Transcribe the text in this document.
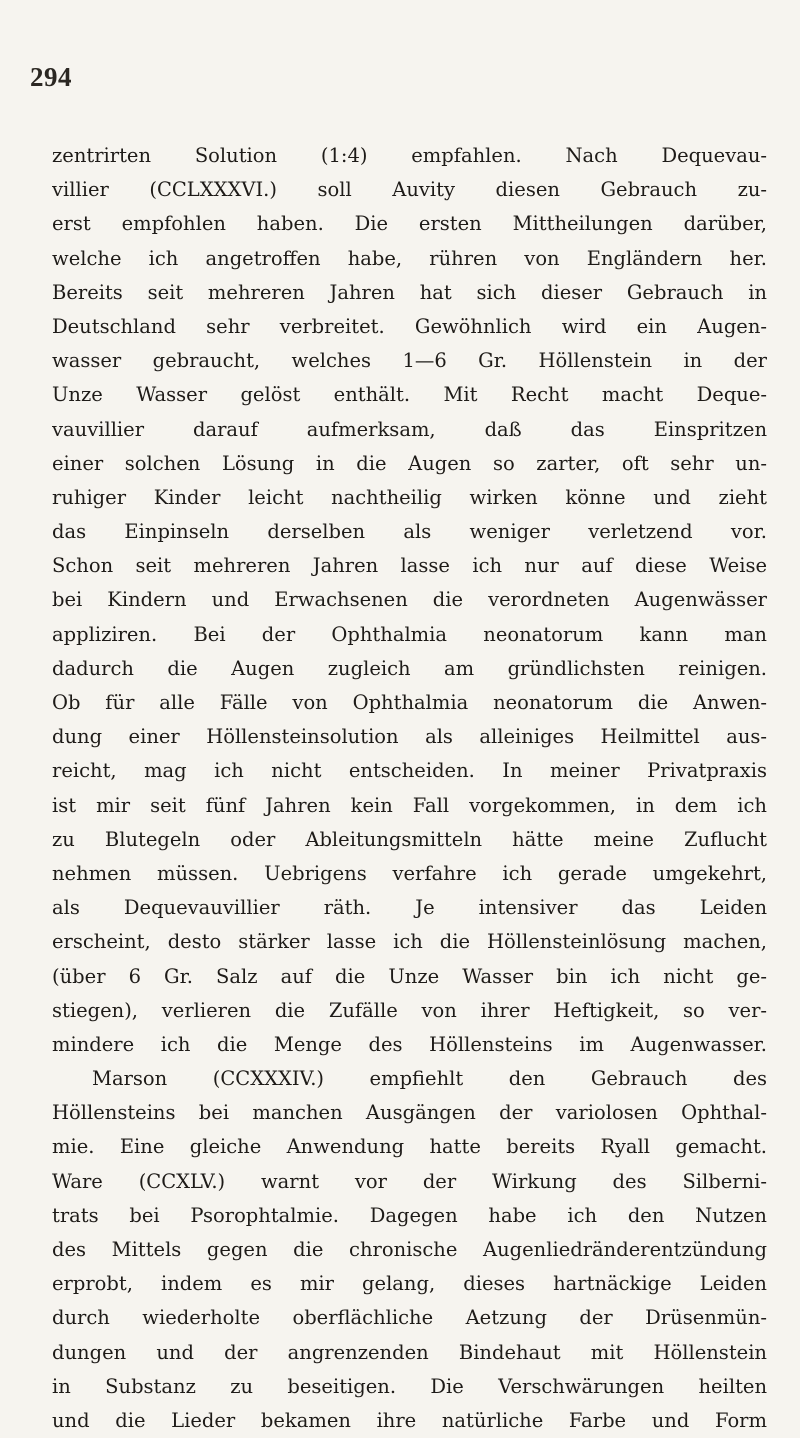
294
zentrirten Solution (1:4) empfahlen. Nach Dequevau-
villier (CCLXXXVI.) soll Auvity diesen Gebrauch zu-
erst empfohlen haben. Die ersten Mittheilungen darüber,
welche ich angetroffen habe, rühren von Engländern her.
Bereits seit mehreren Jahren hat sich dieser Gebrauch in
Deutschland sehr verbreitet. Gewöhnlich wird ein Augen-
wasser gebraucht, welches 1—6 Gr. Höllenstein in der
Unze Wasser gelöst enthält. Mit Recht macht Deque-
vauvillier darauf aufmerksam, daß das Einspritzen
einer solchen Lösung in die Augen so zarter, oft sehr un-
ruhiger Kinder leicht nachtheilig wirken könne und zieht
das Einpinseln derselben als weniger verletzend vor.
Schon seit mehreren Jahren lasse ich nur auf diese Weise
bei Kindern und Erwachsenen die verordneten Augenwässer
appliziren. Bei der Ophthalmia neonatorum kann man
dadurch die Augen zugleich am gründlichsten reinigen.
Ob für alle Fälle von Ophthalmia neonatorum die Anwen-
dung einer Höllensteinsolution als alleiniges Heilmittel aus-
reicht, mag ich nicht entscheiden. In meiner Privatpraxis
ist mir seit fünf Jahren kein Fall vorgekommen, in dem ich
zu Blutegeln oder Ableitungsmitteln hätte meine Zuflucht
nehmen müssen. Uebrigens verfahre ich gerade umgekehrt,
als Dequevauvillier räth. Je intensiver das Leiden
erscheint, desto stärker lasse ich die Höllensteinlösung machen,
(über 6 Gr. Salz auf die Unze Wasser bin ich nicht ge-
stiegen), verlieren die Zufälle von ihrer Heftigkeit, so ver-
mindere ich die Menge des Höllensteins im Augenwasser.
Marson (CCXXXIV.) empfiehlt den Gebrauch des
Höllensteins bei manchen Ausgängen der variolosen Ophthal-
mie. Eine gleiche Anwendung hatte bereits Ryall gemacht.
Ware (CCXLV.) warnt vor der Wirkung des Silberni-
trats bei Psorophtalmie. Dagegen habe ich den Nutzen
des Mittels gegen die chronische Augenliedränderentzündung
erprobt, indem es mir gelang, dieses hartnäckige Leiden
durch wiederholte oberflächliche Aetzung der Drüsenmün-
dungen und der angrenzenden Bindehaut mit Höllenstein
in Substanz zu beseitigen. Die Verschwärungen heilten
und die Lieder bekamen ihre natürliche Farbe und Form
